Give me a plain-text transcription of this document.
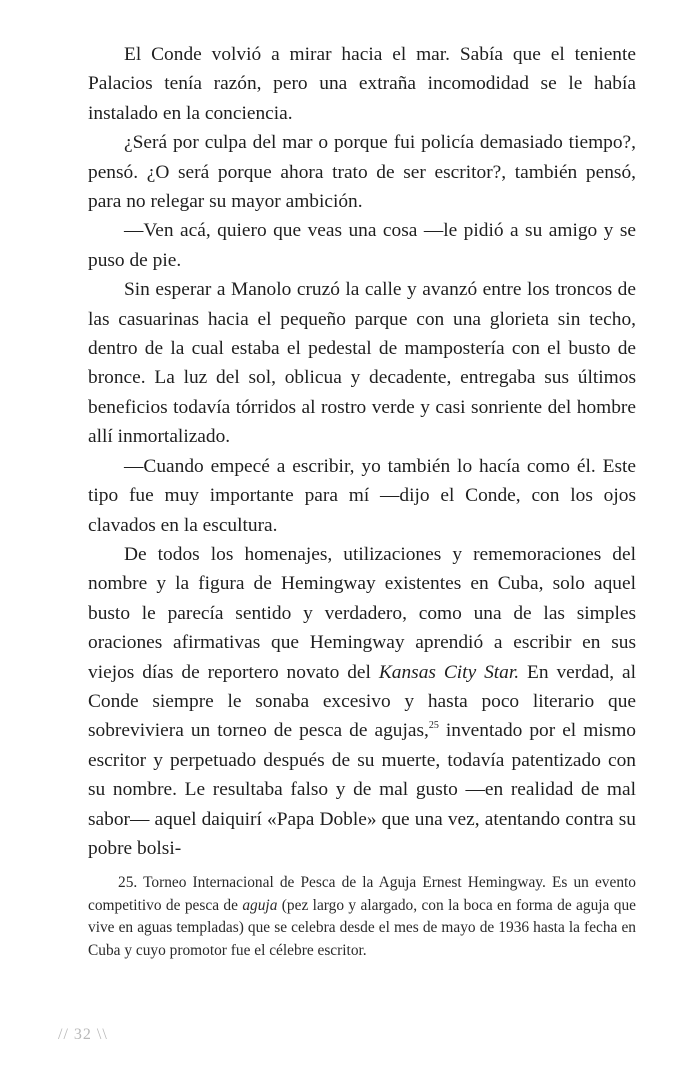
El Conde volvió a mirar hacia el mar. Sabía que el teniente Palacios tenía razón, pero una extraña incomodidad se le había instalado en la conciencia.

¿Será por culpa del mar o porque fui policía demasiado tiempo?, pensó. ¿O será porque ahora trato de ser escritor?, también pensó, para no relegar su mayor ambición.

—Ven acá, quiero que veas una cosa —le pidió a su amigo y se puso de pie.

Sin esperar a Manolo cruzó la calle y avanzó entre los troncos de las casuarinas hacia el pequeño parque con una glorieta sin techo, dentro de la cual estaba el pedestal de mampostería con el busto de bronce. La luz del sol, oblicua y decadente, entregaba sus últimos beneficios todavía tórridos al rostro verde y casi sonriente del hombre allí inmortalizado.

—Cuando empecé a escribir, yo también lo hacía como él. Este tipo fue muy importante para mí —dijo el Conde, con los ojos clavados en la escultura.

De todos los homenajes, utilizaciones y rememoraciones del nombre y la figura de Hemingway existentes en Cuba, solo aquel busto le parecía sentido y verdadero, como una de las simples oraciones afirmativas que Hemingway aprendió a escribir en sus viejos días de reportero novato del Kansas City Star. En verdad, al Conde siempre le sonaba excesivo y hasta poco literario que sobreviviera un torneo de pesca de agujas,$^{25}$ inventado por el mismo escritor y perpetuado después de su muerte, todavía patentizado con su nombre. Le resultaba falso y de mal gusto —en realidad de mal sabor— aquel daiquirí «Papa Doble» que una vez, atentando contra su pobre bolsi-

25. Torneo Internacional de Pesca de la Aguja Ernest Hemingway. Es un evento competitivo de pesca de aguja (pez largo y alargado, con la boca en forma de aguja que vive en aguas templadas) que se celebra desde el mes de mayo de 1936 hasta la fecha en Cuba y cuyo promotor fue el célebre escritor.

// 32 \\
